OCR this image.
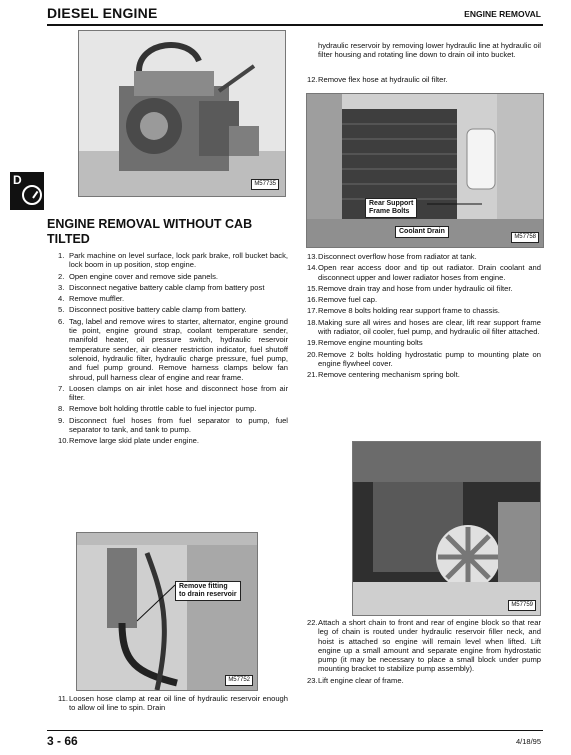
DIESEL ENGINE	ENGINE REMOVAL
M57735
D
ENGINE REMOVAL WITHOUT CAB TILTED
1. Park machine on level surface, lock park brake, roll bucket back, lock boom in up position, stop engine.
2. Open engine cover and remove side panels.
3. Disconnect negative battery cable clamp from battery post
4. Remove muffler.
5. Disconnect positive battery cable clamp from battery.
6. Tag, label and remove wires to starter, alternator, engine ground tie point, engine ground strap, coolant temperature sender, manifold heater, oil pressure switch, hydraulic reservoir temperature sender, air cleaner restriction indicator, fuel shutoff solenoid, hydraulic filter, hydraulic charge pressure, fuel pump, and fuel pump ground. Remove harness clamps below fan shroud, pull harness clear of engine and rear frame.
7. Loosen clamps on air inlet hose and disconnect hose from air filter.
8. Remove bolt holding throttle cable to fuel injector pump.
9. Disconnect fuel hoses from fuel separator to pump, fuel separator to tank, and tank to pump.
10.Remove large skid plate under engine.
Remove fitting
to drain reservoir
M57752
11.Loosen hose clamp at rear oil line of hydraulic reservoir enough to allow oil line to spin. Drain
hydraulic reservoir by removing lower hydraulic line at hydraulic oil filter housing and rotating line down to drain oil into bucket.
12.Remove flex hose at hydraulic oil filter.
Rear Support
Frame Bolts
Coolant Drain
M57758
13.Disconnect overflow hose from radiator at tank.
14.Open rear access door and tip out radiator. Drain coolant and disconnect upper and lower radiator hoses from engine.
15.Remove drain tray and hose from under hydraulic oil filter.
16.Remove fuel cap.
17.Remove 8 bolts holding rear support frame to chassis.
18.Making sure all wires and hoses are clear, lift rear support frame with radiator, oil cooler, fuel pump, and hydraulic oil filter attached.
19.Remove engine mounting bolts
20.Remove 2 bolts holding hydrostatic pump to mounting plate on engine flywheel cover.
21.Remove centering mechanism spring bolt.
M57759
22.Attach a short chain to front and rear of engine block so that rear leg of chain is routed under hydraulic reservoir filler neck, and hoist is attached so engine will remain level when lifted. Lift engine up a small amount and separate engine from hydrostatic pump (it may be necessary to place a small block under pump mounting bracket to stabilize pump assembly).
23.Lift engine clear of frame.
3 - 66	4/18/95
